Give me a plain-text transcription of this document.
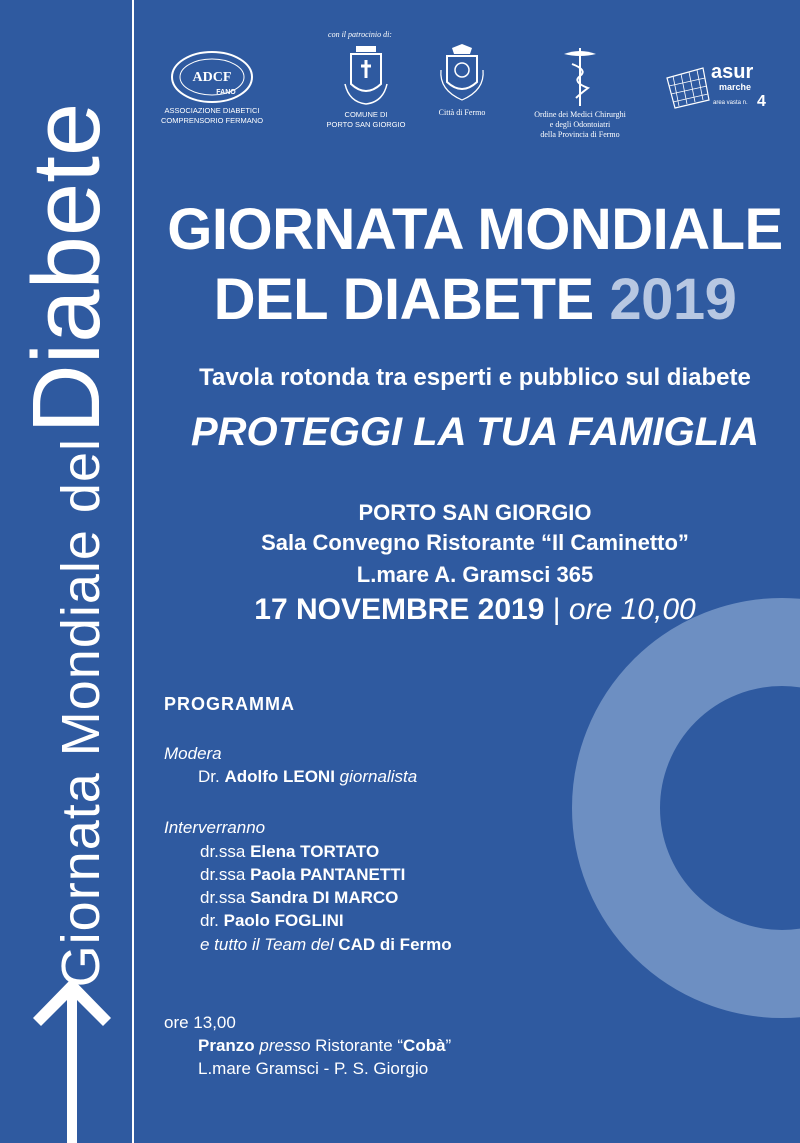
Giornata Mondiale del Diabete
con il patrocinio di:
ADCF
FANO
ASSOCIAZIONE DIABETICI
COMPRENSORIO FERMANO
COMUNE DI
PORTO SAN GIORGIO
Città di Fermo	Ordine dei Medici Chirurghi
e degli Odontoiatri
della Provincia di Fermo
asur
marche
area vasta n. 4
GIORNATA MONDIALE
DEL DIABETE 2019
Tavola rotonda tra esperti e pubblico sul diabete
PROTEGGI LA TUA FAMIGLIA
PORTO SAN GIORGIO
Sala Convegno Ristorante “Il Caminetto”
L.mare A. Gramsci 365
17 NOVEMBRE 2019 | ore 10,00
PROGRAMMA
Modera
Dr. Adolfo LEONI giornalista
Interverranno
dr.ssa Elena TORTATO
dr.ssa Paola PANTANETTI
dr.ssa Sandra DI MARCO
dr. Paolo FOGLINI
e tutto il Team del CAD di Fermo
ore 13,00
Pranzo presso Ristorante “Cobà”
L.mare Gramsci - P. S. Giorgio
